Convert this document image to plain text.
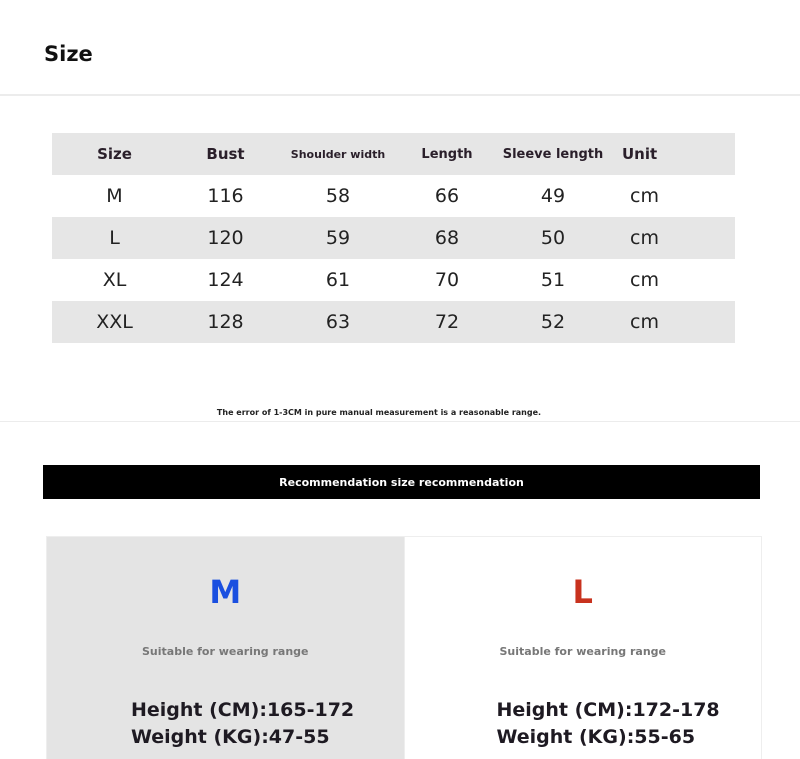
Size
Size	Bust	Shoulder width	Length	Sleeve length	Unit
M	116	58	66	49	cm
L	120	59	68	50	cm
XL	124	61	70	51	cm
XXL	128	63	72	52	cm
The error of 1-3CM in pure manual measurement is a reasonable range.
Recommendation size recommendation
M
Suitable for wearing range
Height (CM):165-172
Weight (KG):47-55
L
Suitable for wearing range
Height (CM):172-178
Weight (KG):55-65
